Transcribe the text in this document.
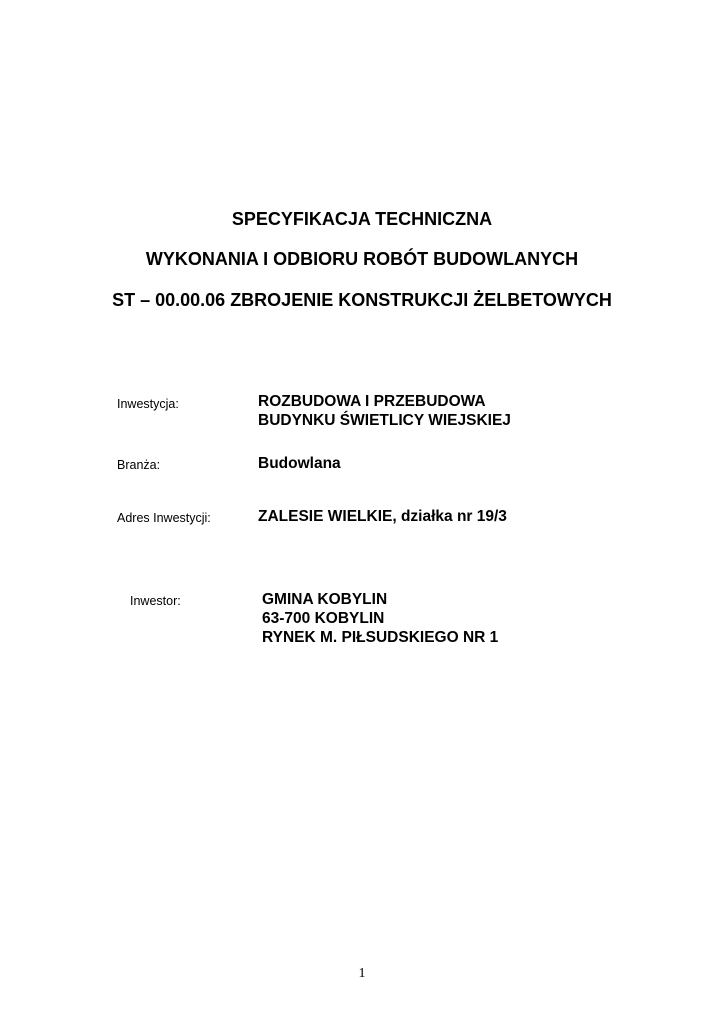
SPECYFIKACJA TECHNICZNA
WYKONANIA I ODBIORU ROBÓT BUDOWLANYCH
ST – 00.00.06 ZBROJENIE KONSTRUKCJI ŻELBETOWYCH
Inwestycja:	ROZBUDOWA I PRZEBUDOWA
BUDYNKU ŚWIETLICY WIEJSKIEJ
Branża:	Budowlana
Adres Inwestycji:	ZALESIE WIELKIE, działka nr 19/3
Inwestor:	GMINA KOBYLIN
63-700 KOBYLIN
RYNEK M. PIŁSUDSKIEGO NR 1
1
